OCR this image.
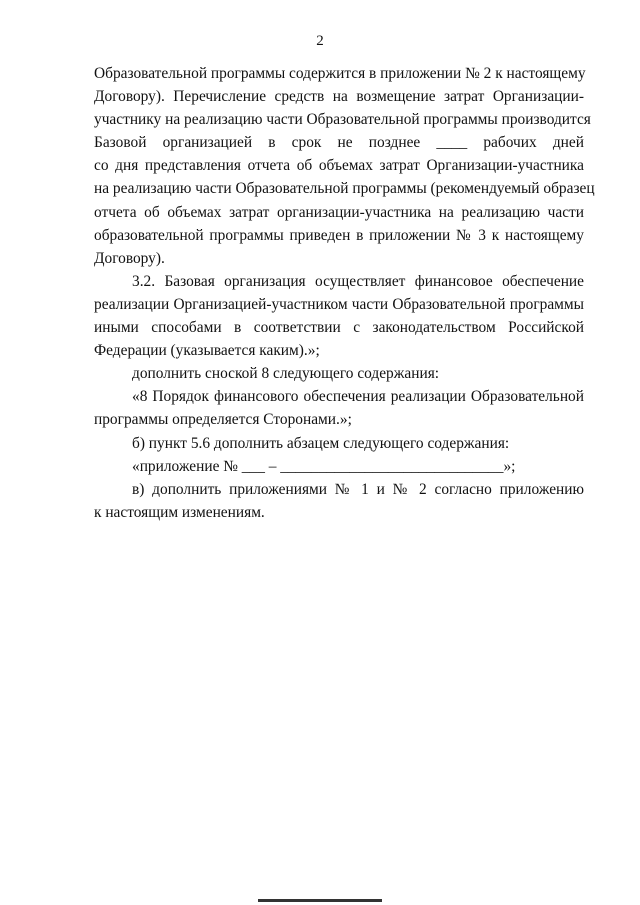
2
Образовательной программы содержится в приложении № 2 к настоящему
Договору). Перечисление средств на возмещение затрат Организации-
участнику на реализацию части Образовательной программы производится
Базовой организацией в срок не позднее ____ рабочих дней
со дня представления отчета об объемах затрат Организации-участника
на реализацию части Образовательной программы (рекомендуемый образец
отчета об объемах затрат организации-участника на реализацию части
образовательной программы приведен в приложении № 3 к настоящему
Договору).
3.2. Базовая организация осуществляет финансовое обеспечение
реализации Организацией-участником части Образовательной программы
иными способами в соответствии с законодательством Российской
Федерации (указывается каким).»;
дополнить сноской 8 следующего содержания:
«8 Порядок финансового обеспечения реализации Образовательной
программы определяется Сторонами.»;
б) пункт 5.6 дополнить абзацем следующего содержания:
«приложение № ___ – _____________________________»;
в) дополнить приложениями № 1 и № 2 согласно приложению
к настоящим изменениям.
